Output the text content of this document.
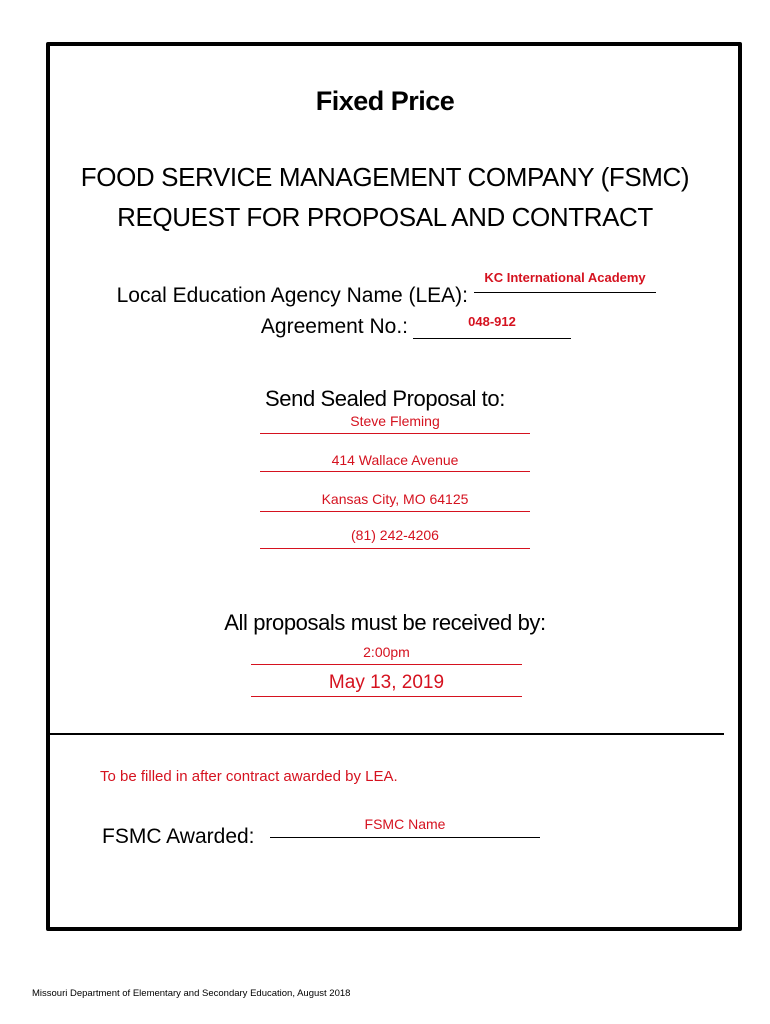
Fixed Price
FOOD SERVICE MANAGEMENT COMPANY (FSMC)
REQUEST FOR PROPOSAL AND CONTRACT
Local Education Agency Name (LEA):
KC International Academy
Agreement No.:	048-912
Send Sealed Proposal to:
Steve Fleming
414 Wallace Avenue
Kansas City, MO 64125
(81) 242-4206
All proposals must be received by:
2:00pm
May 13, 2019
To be filled in after contract awarded by LEA.
FSMC Awarded:
FSMC Name
Missouri Department of Elementary and Secondary Education, August 2018
